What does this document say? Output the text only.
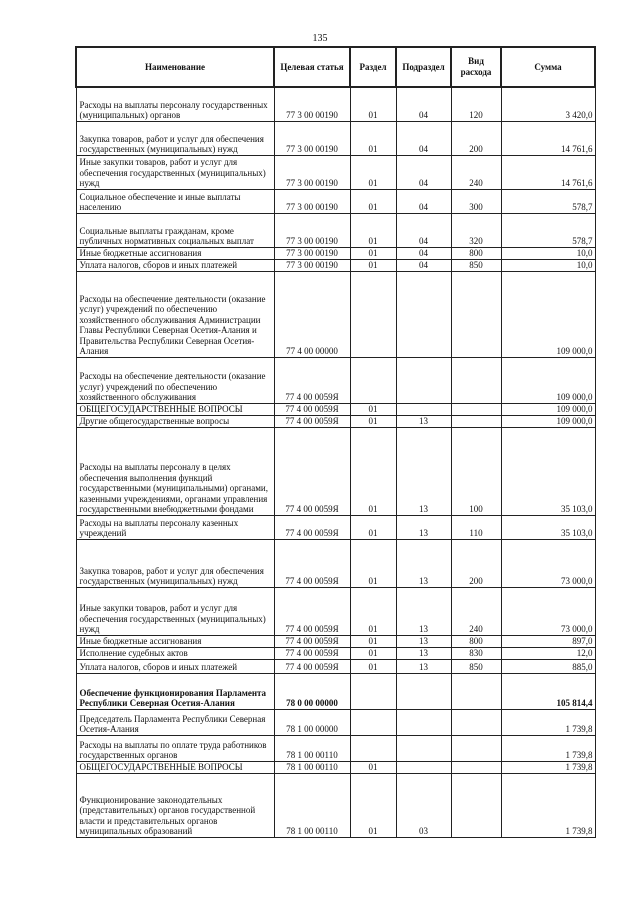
135
Наименование	Целевая статья	Раздел	Подраздел	Вид расхода	Сумма
Расходы на выплаты персоналу государственных (муниципальных) органов	77 3 00 00190	01	04	120	3 420,0
Закупка товаров, работ и услуг для обеспечения государственных (муниципальных) нужд	77 3 00 00190	01	04	200	14 761,6
Иные закупки товаров, работ и услуг для обеспечения государственных (муниципальных) нужд	77 3 00 00190	01	04	240	14 761,6
Социальное обеспечение и иные выплаты населению	77 3 00 00190	01	04	300	578,7
Социальные выплаты гражданам, кроме публичных нормативных социальных выплат	77 3 00 00190	01	04	320	578,7
Иные бюджетные ассигнования	77 3 00 00190	01	04	800	10,0
Уплата налогов, сборов и иных платежей	77 3 00 00190	01	04	850	10,0
Расходы на обеспечение деятельности (оказание услуг) учреждений по обеспечению хозяйственного обслуживания Администрации Главы Республики Северная Осетия-Алания и Правительства Республики Северная Осетия-Алания	77 4 00 00000				109 000,0
Расходы на обеспечение деятельности (оказание услуг) учреждений по обеспечению хозяйственного обслуживания	77 4 00 0059Я				109 000,0
ОБЩЕГОСУДАРСТВЕННЫЕ ВОПРОСЫ	77 4 00 0059Я	01			109 000,0
Другие общегосударственные вопросы	77 4 00 0059Я	01	13		109 000,0
Расходы на выплаты персоналу в целях обеспечения выполнения функций государственными (муниципальными) органами, казенными учреждениями, органами управления государственными внебюджетными фондами	77 4 00 0059Я	01	13	100	35 103,0
Расходы на выплаты персоналу казенных учреждений	77 4 00 0059Я	01	13	110	35 103,0
Закупка товаров, работ и услуг для обеспечения государственных (муниципальных) нужд	77 4 00 0059Я	01	13	200	73 000,0
Иные закупки товаров, работ и услуг для обеспечения государственных (муниципальных) нужд	77 4 00 0059Я	01	13	240	73 000,0
Иные бюджетные ассигнования	77 4 00 0059Я	01	13	800	897,0
Исполнение судебных актов	77 4 00 0059Я	01	13	830	12,0
Уплата налогов, сборов и иных платежей	77 4 00 0059Я	01	13	850	885,0
Обеспечение функционирования Парламента Республики Северная Осетия-Алания	78 0 00 00000				105 814,4
Председатель Парламента Республики Северная Осетия-Алания	78 1 00 00000				1 739,8
Расходы на выплаты по оплате труда работников государственных органов	78 1 00 00110				1 739,8
ОБЩЕГОСУДАРСТВЕННЫЕ ВОПРОСЫ	78 1 00 00110	01			1 739,8
Функционирование законодательных (представительных) органов государственной власти и представительных органов муниципальных образований	78 1 00 00110	01	03		1 739,8
